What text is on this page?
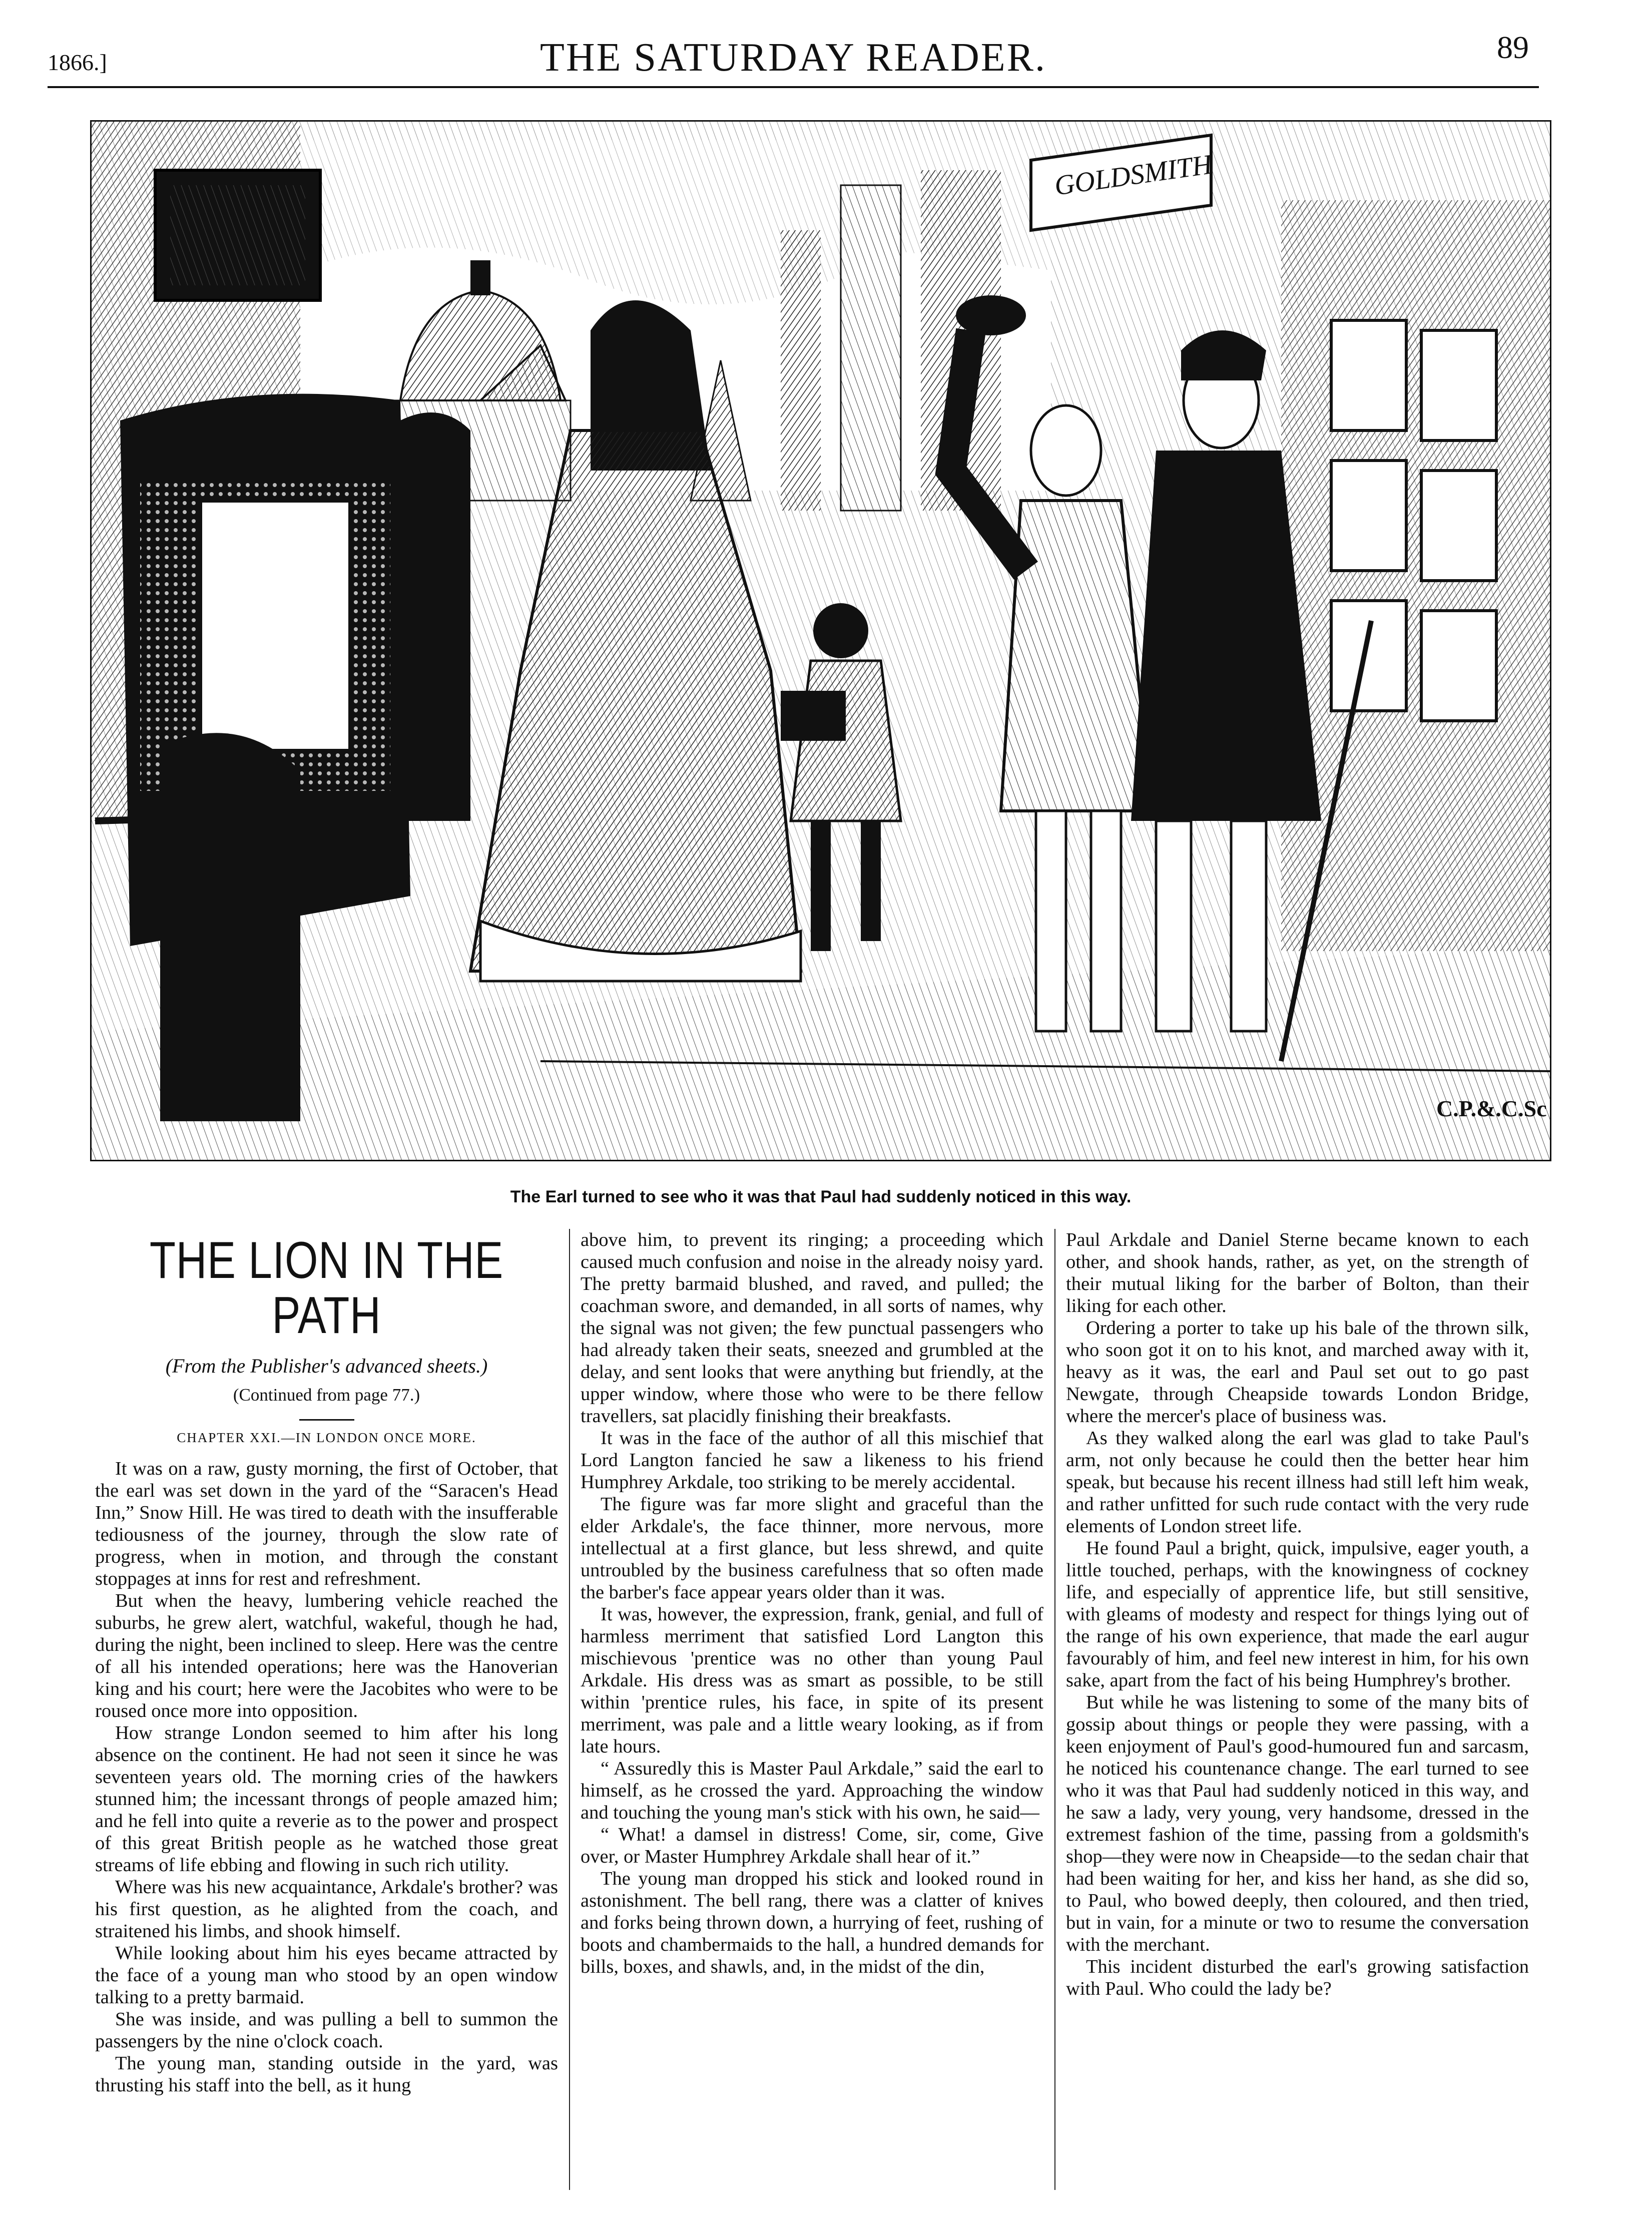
1866.]	THE SATURDAY READER.	89
GOLDSMITH
C.P.&.C.Sc
The Earl turned to see who it was that Paul had suddenly noticed in this way.
THE LION IN THE PATH
(From the Publisher's advanced sheets.)
(Continued from page 77.)
CHAPTER XXI.—IN LONDON ONCE MORE.

It was on a raw, gusty morning, the first of October, that the earl was set down in the yard of the “Saracen's Head Inn,” Snow Hill. He was tired to death with the insufferable tediousness of the journey, through the slow rate of progress, when in motion, and through the constant stoppages at inns for rest and refreshment.

But when the heavy, lumbering vehicle reached the suburbs, he grew alert, watchful, wakeful, though he had, during the night, been inclined to sleep. Here was the centre of all his intended operations; here was the Hanoverian king and his court; here were the Jacobites who were to be roused once more into opposition.

How strange London seemed to him after his long absence on the continent. He had not seen it since he was seventeen years old. The morning cries of the hawkers stunned him; the incessant throngs of people amazed him; and he fell into quite a reverie as to the power and prospect of this great British people as he watched those great streams of life ebbing and flowing in such rich utility.

Where was his new acquaintance, Arkdale's brother? was his first question, as he alighted from the coach, and straitened his limbs, and shook himself.

While looking about him his eyes became attracted by the face of a young man who stood by an open window talking to a pretty barmaid.

She was inside, and was pulling a bell to summon the passengers by the nine o'clock coach.

The young man, standing outside in the yard, was thrusting his staff into the bell, as it hung

above him, to prevent its ringing; a proceeding which caused much confusion and noise in the already noisy yard. The pretty barmaid blushed, and raved, and pulled; the coachman swore, and demanded, in all sorts of names, why the signal was not given; the few punctual passengers who had already taken their seats, sneezed and grumbled at the delay, and sent looks that were anything but friendly, at the upper window, where those who were to be there fellow travellers, sat placidly finishing their breakfasts.

It was in the face of the author of all this mischief that Lord Langton fancied he saw a likeness to his friend Humphrey Arkdale, too striking to be merely accidental.

The figure was far more slight and graceful than the elder Arkdale's, the face thinner, more nervous, more intellectual at a first glance, but less shrewd, and quite untroubled by the business carefulness that so often made the barber's face appear years older than it was.

It was, however, the expression, frank, genial, and full of harmless merriment that satisfied Lord Langton this mischievous 'prentice was no other than young Paul Arkdale. His dress was as smart as possible, to be still within 'prentice rules, his face, in spite of its present merriment, was pale and a little weary looking, as if from late hours.

“ Assuredly this is Master Paul Arkdale,” said the earl to himself, as he crossed the yard. Approaching the window and touching the young man's stick with his own, he said—

“ What! a damsel in distress! Come, sir, come, Give over, or Master Humphrey Arkdale shall hear of it.”

The young man dropped his stick and looked round in astonishment. The bell rang, there was a clatter of knives and forks being thrown down, a hurrying of feet, rushing of boots and chambermaids to the hall, a hundred demands for bills, boxes, and shawls, and, in the midst of the din,

Paul Arkdale and Daniel Sterne became known to each other, and shook hands, rather, as yet, on the strength of their mutual liking for the barber of Bolton, than their liking for each other.

Ordering a porter to take up his bale of the thrown silk, who soon got it on to his knot, and marched away with it, heavy as it was, the earl and Paul set out to go past Newgate, through Cheapside towards London Bridge, where the mercer's place of business was.

As they walked along the earl was glad to take Paul's arm, not only because he could then the better hear him speak, but because his recent illness had still left him weak, and rather unfitted for such rude contact with the very rude elements of London street life.

He found Paul a bright, quick, impulsive, eager youth, a little touched, perhaps, with the knowingness of cockney life, and especially of apprentice life, but still sensitive, with gleams of modesty and respect for things lying out of the range of his own experience, that made the earl augur favourably of him, and feel new interest in him, for his own sake, apart from the fact of his being Humphrey's brother.

But while he was listening to some of the many bits of gossip about things or people they were passing, with a keen enjoyment of Paul's good-humoured fun and sarcasm, he noticed his countenance change. The earl turned to see who it was that Paul had suddenly noticed in this way, and he saw a lady, very young, very handsome, dressed in the extremest fashion of the time, passing from a goldsmith's shop—they were now in Cheapside—to the sedan chair that had been waiting for her, and kiss her hand, as she did so, to Paul, who bowed deeply, then coloured, and then tried, but in vain, for a minute or two to resume the conversation with the merchant.

This incident disturbed the earl's growing satisfaction with Paul. Who could the lady be?
